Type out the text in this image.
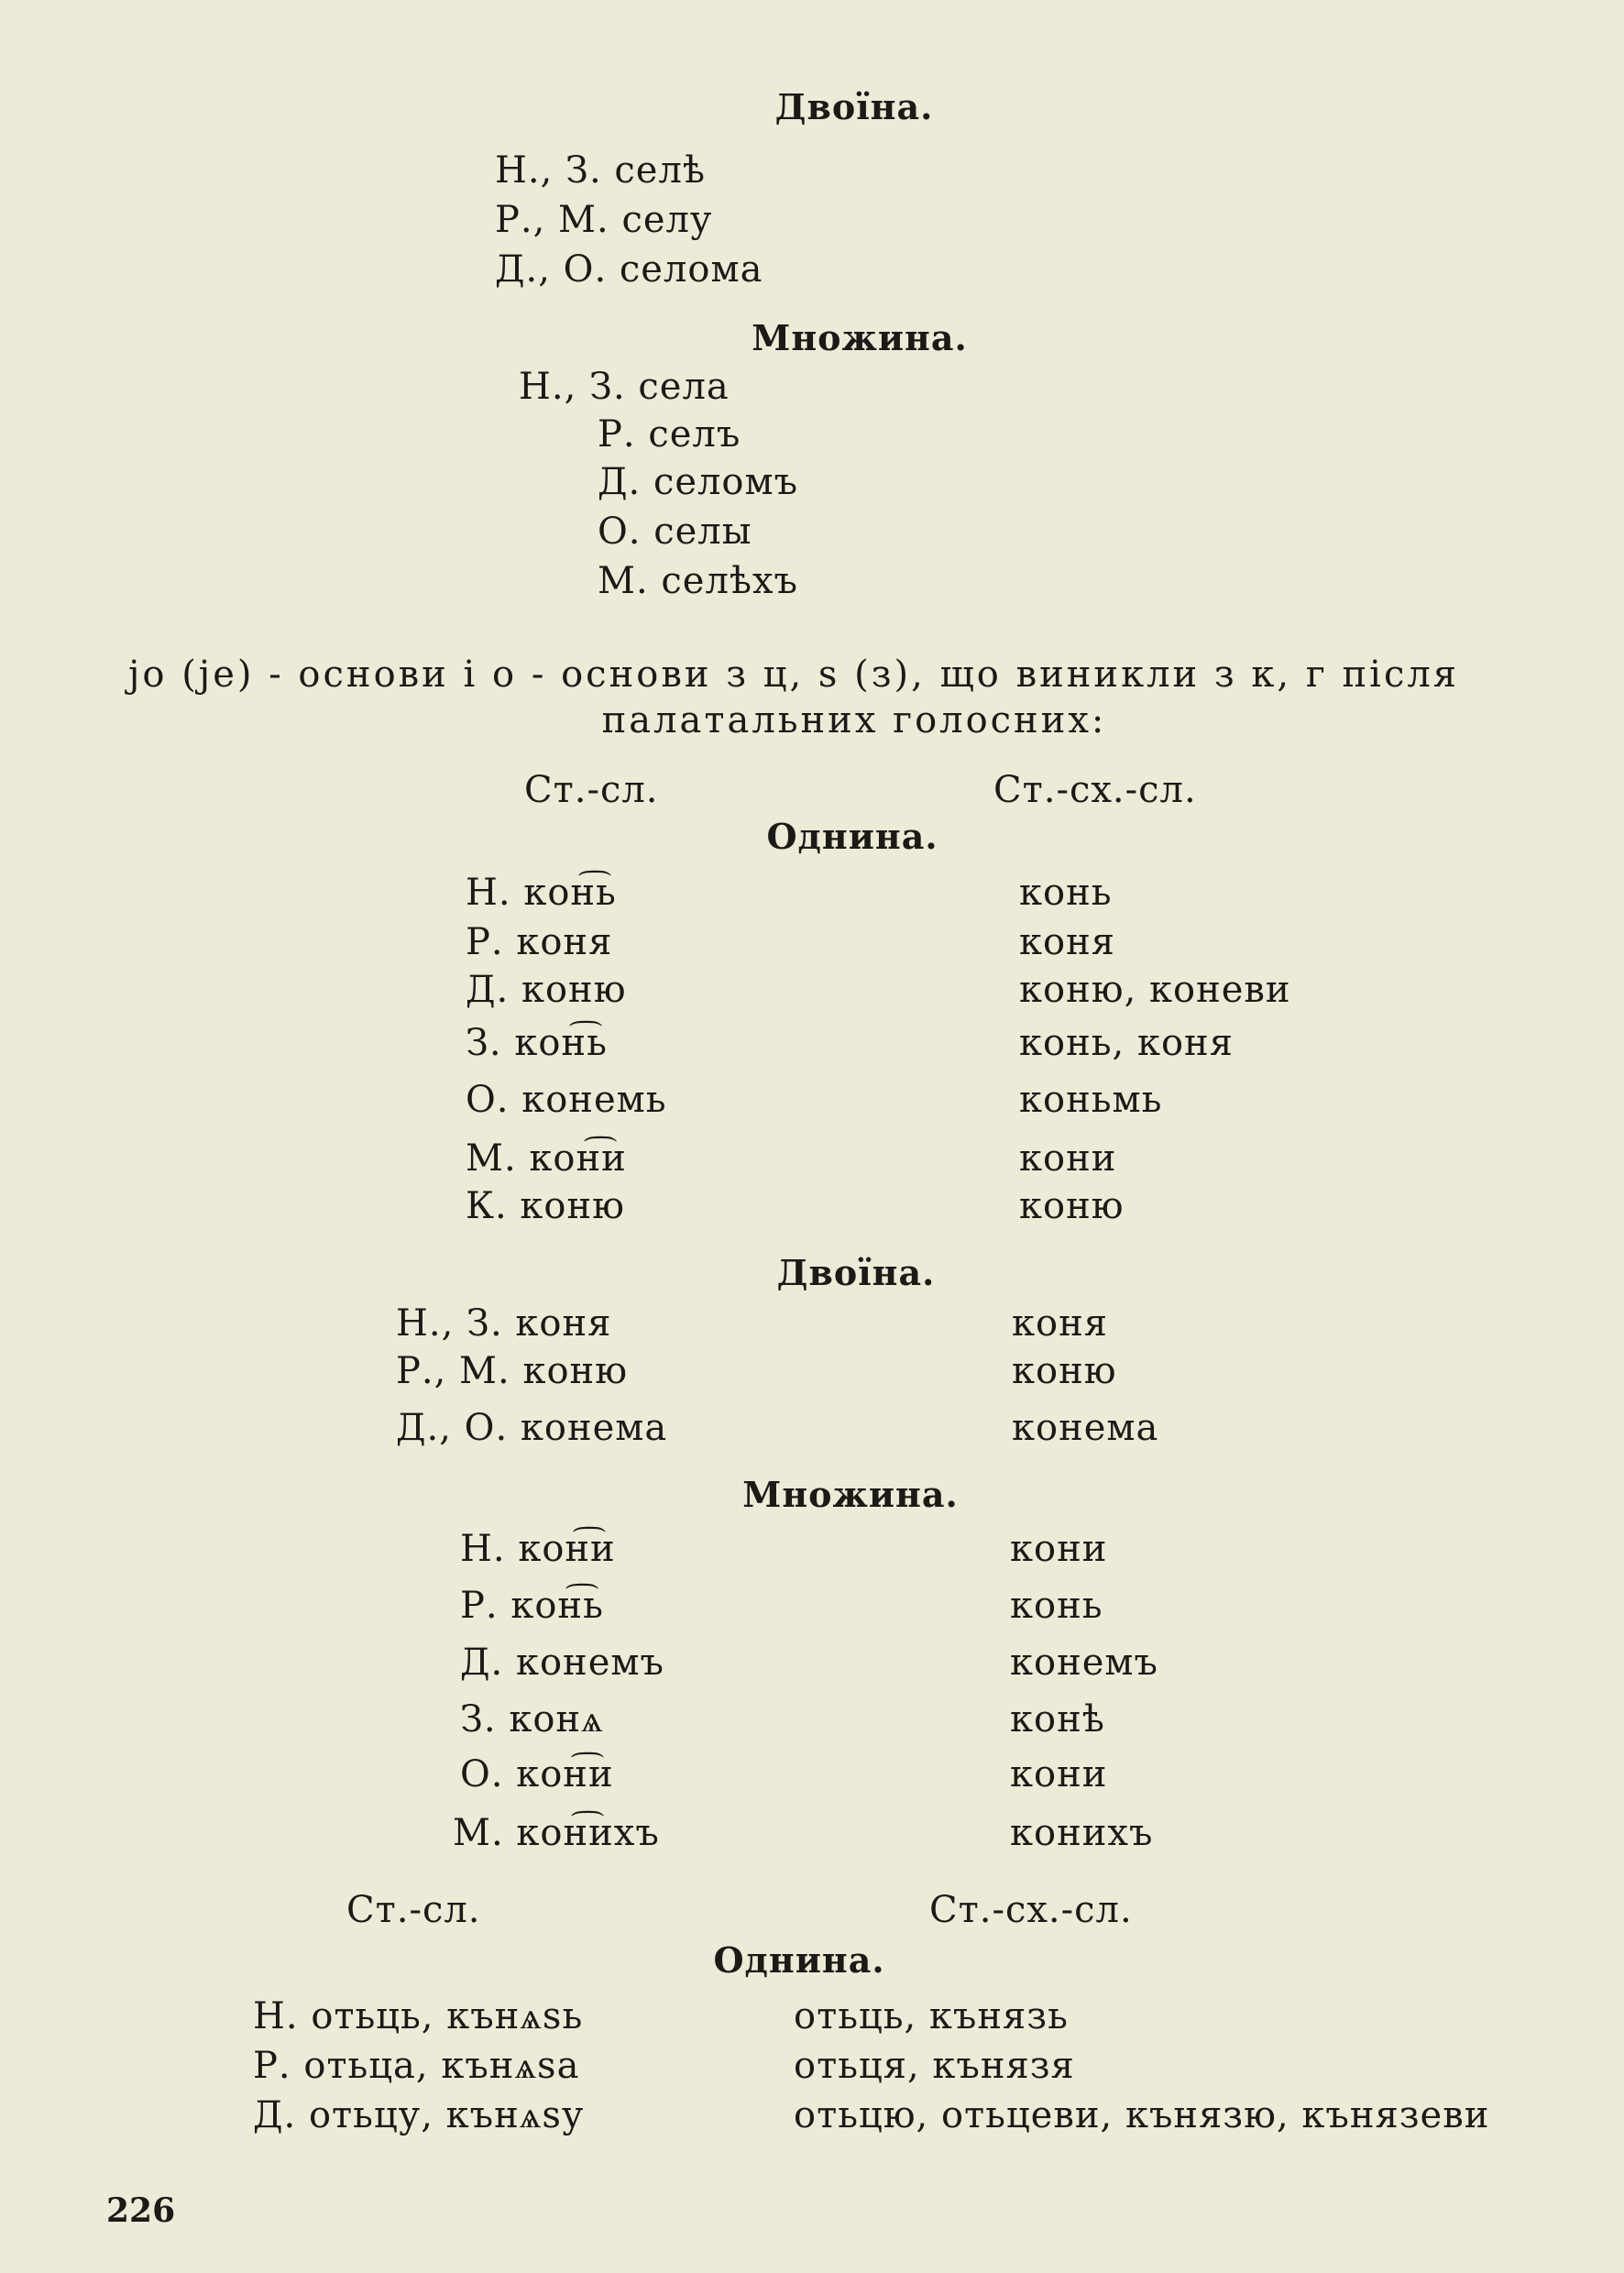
Двоїна.
Н., З. селѣ
Р., М. селу
Д., О. селома
Множина.
Н., З. села
Р. селъ
Д. селомъ
О. селы
М. селѣхъ
jo (je) - основи і o - основи з ц, s (з), що виникли з к, г після
палатальних голосних:
Ст.-сл.	Ст.-сх.-сл.
Однина.
Н. кон͡ь	конь
Р. коня	коня
Д. коню	коню, коневи
З. кон͡ь	конь, коня
О. конемь	коньмь
М. кон͡и	кони
К. коню	коню
Двоїна.
Н., З. коня	коня
Р., М. коню	коню
Д., О. конема	конема
Множина.
Н. кон͡и	кони
Р. кон͡ь	конь
Д. конемъ	конемъ
З. конѧ	конѣ
О. кон͡и	кони
М. кон͡ихъ	конихъ
Ст.-сл.	Ст.-сх.-сл.
Однина.
Н. отьць, кънѧѕь	отьць, кънязь
Р. отьца, кънѧѕа	отьця, кънязя
Д. отьцу, кънѧѕу	отьцю, отьцеви, кънязю, кънязеви
226
